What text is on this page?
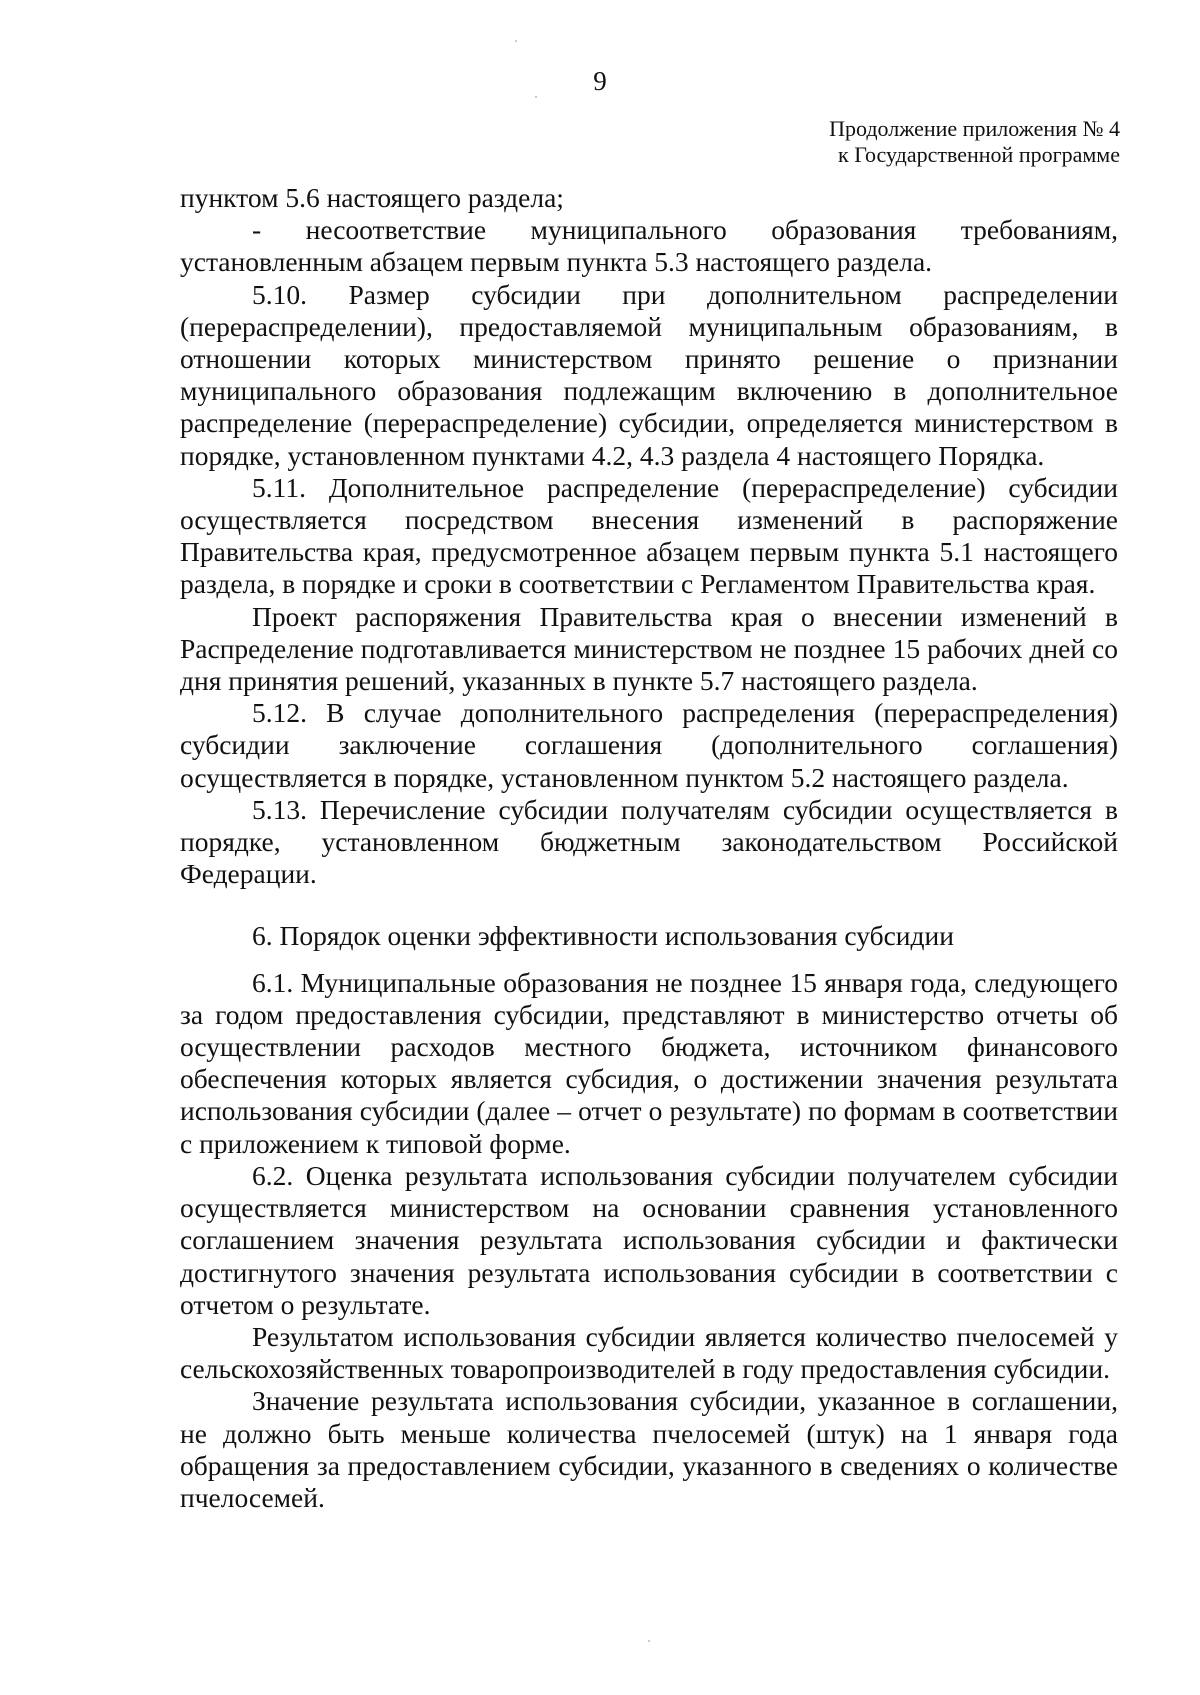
9
Продолжение приложения № 4
к Государственной программе

пунктом 5.6 настоящего раздела;

- несоответствие муниципального образования требованиям, установленным абзацем первым пункта 5.3 настоящего раздела.

5.10. Размер субсидии при дополнительном распределении (перераспределении), предоставляемой муниципальным образованиям, в отношении которых министерством принято решение о признании муниципального образования подлежащим включению в дополнительное распределение (перераспределение) субсидии, определяется министерством в порядке, установленном пунктами 4.2, 4.3 раздела 4 настоящего Порядка.

5.11. Дополнительное распределение (перераспределение) субсидии осуществляется посредством внесения изменений в распоряжение Правительства края, предусмотренное абзацем первым пункта 5.1 настоящего раздела, в порядке и сроки в соответствии с Регламентом Правительства края.

Проект распоряжения Правительства края о внесении изменений в Распределение подготавливается министерством не позднее 15 рабочих дней со дня принятия решений, указанных в пункте 5.7 настоящего раздела.

5.12. В случае дополнительного распределения (перераспределения) субсидии заключение соглашения (дополнительного соглашения) осуществляется в порядке, установленном пунктом 5.2 настоящего раздела.

5.13. Перечисление субсидии получателям субсидии осуществляется в порядке, установленном бюджетным законодательством Российской Федерации.

6. Порядок оценки эффективности использования субсидии

6.1. Муниципальные образования не позднее 15 января года, следующего за годом предоставления субсидии, представляют в министерство отчеты об осуществлении расходов местного бюджета, источником финансового обеспечения которых является субсидия, о достижении значения результата использования субсидии (далее – отчет о результате) по формам в соответствии с приложением к типовой форме.

6.2. Оценка результата использования субсидии получателем субсидии осуществляется министерством на основании сравнения установленного соглашением значения результата использования субсидии и фактически достигнутого значения результата использования субсидии в соответствии с отчетом о результате.

Результатом использования субсидии является количество пчелосемей у сельскохозяйственных товаропроизводителей в году предоставления субсидии.

Значение результата использования субсидии, указанное в соглашении, не должно быть меньше количества пчелосемей (штук) на 1 января года обращения за предоставлением субсидии, указанного в сведениях о количестве пчелосемей.
